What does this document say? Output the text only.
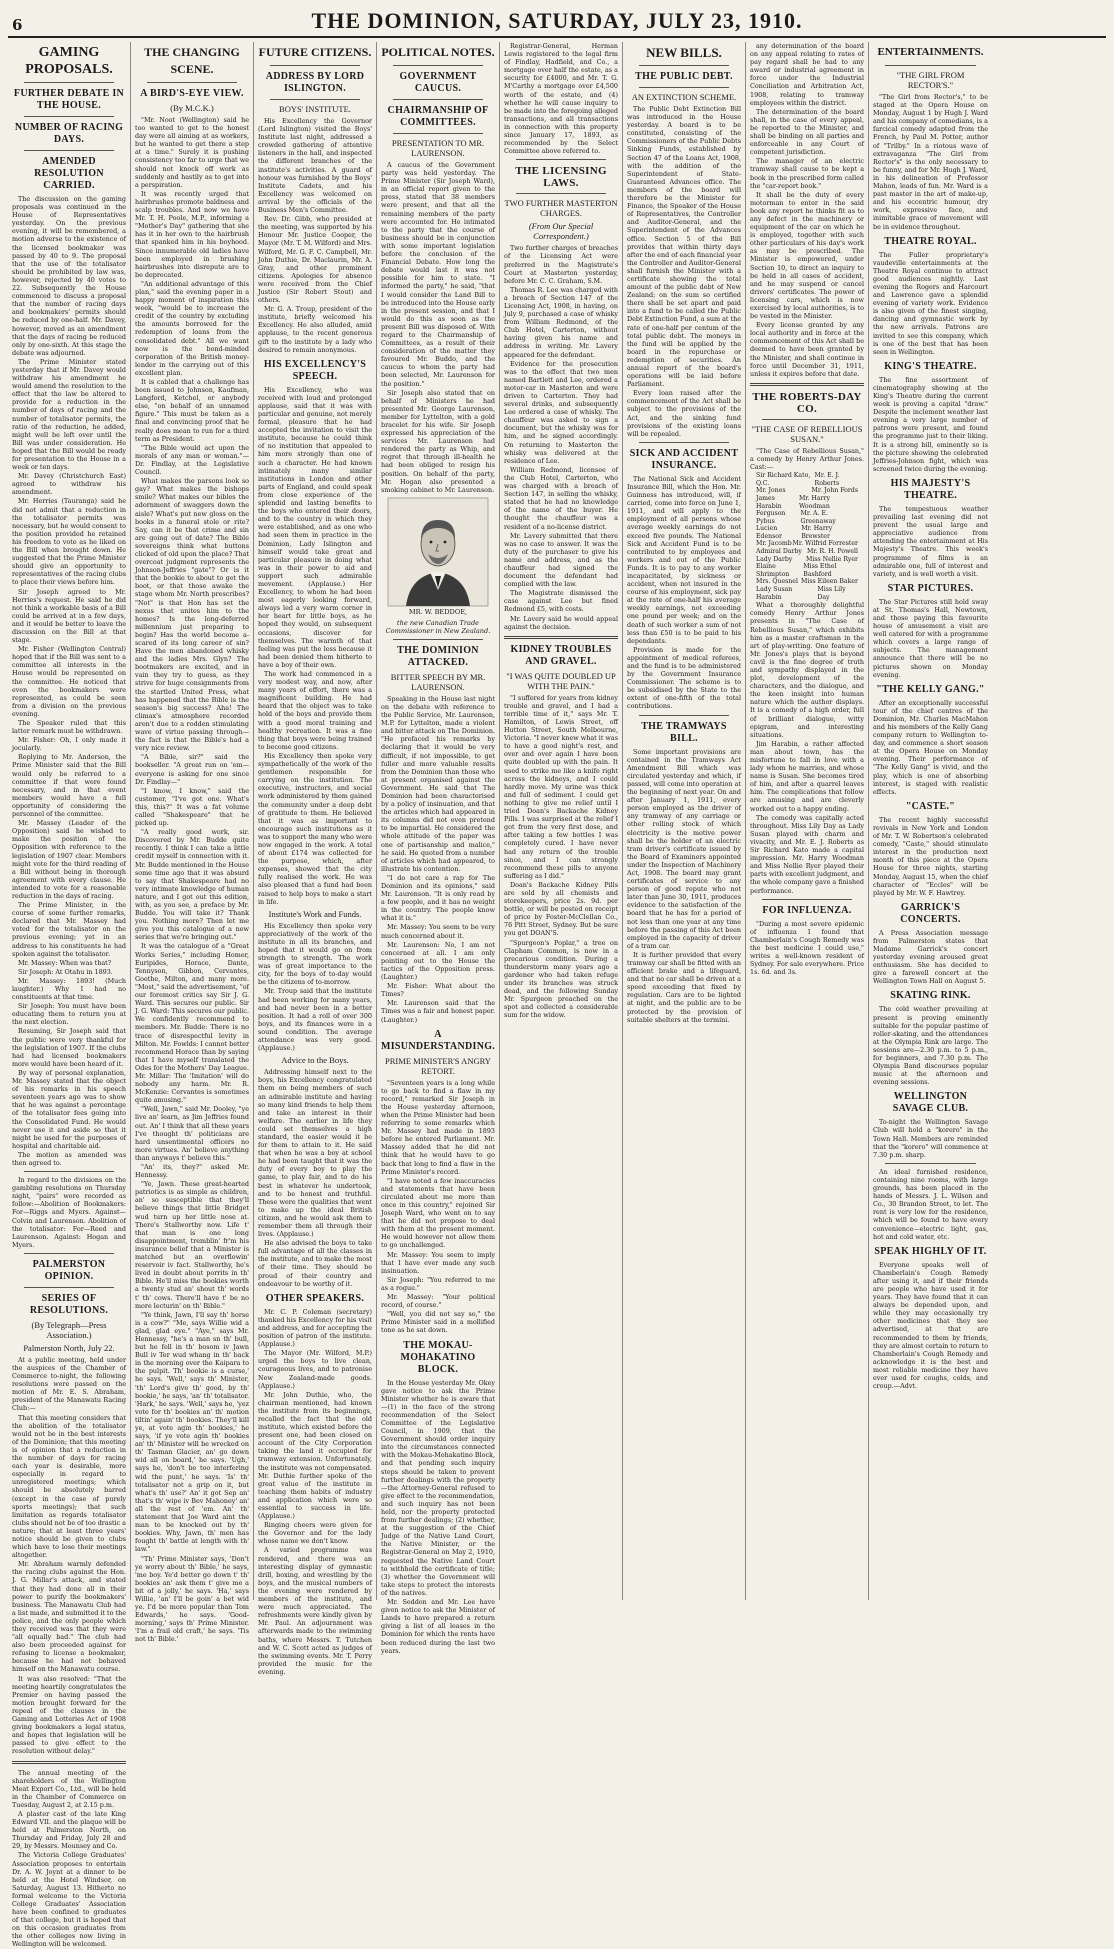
6	THE DOMINION, SATURDAY, JULY 23, 1910.
GAMING PROPOSALS.
FURTHER DEBATE IN THE HOUSE.
NUMBER OF RACING DAYS.
AMENDED RESOLUTION CARRIED.

The discussion on the gaming proposals was continued in the House of Representatives yesterday. On the previous evening, it will be remembered, a motion adverse to the existence of the licensed bookmaker was passed by 40 to 9. The proposal that the use of the totalisator should be prohibited by law was, however, rejected by 40 votes to 22. Subsequently the House commenced to discuss a proposal that the number of racing days and bookmakers' permits should be reduced by one-half. Mr. Davey, however, moved as an amendment that the days of racing be reduced only by one-sixth. At this stage the debate was adjourned.

The Prime Minister stated yesterday that if Mr. Davey would withdraw his amendment he would amend the resolution to the effect that the law be altered to provide for a reduction in the number of days of racing and the number of totalisator permits, the ratio of the reduction, he added, might well be left over until the Bill was under consideration. He hoped that the Bill would be ready for presentation to the House in a week or ten days.

Mr. Davey (Christchurch East) agreed to withdraw his amendment.

Mr. Herries (Tauranga) said he did not admit that a reduction in the totalisator permits was necessary, but he would consent to the position provided he retained his freedom to vote as he liked on the Bill when brought down. He suggested that the Prime Minister should give an opportunity to representatives of the racing clubs to place their views before him.

Sir Joseph agreed to Mr. Herries's request. He said he did not think a workable basis of a Bill could be arrived at in a few days, and it would be better to leave the discussion on the Bill at that stage.

Mr. Fisher (Wellington Central) hoped that if the Bill was sent to a committee all interests in the House would be represented on the committee. He noticed that even the bookmakers were represented, as could be seen from a division on the previous evening.

The Speaker ruled that this latter remark must be withdrawn.

Mr. Fisher: Oh, I only made it jocularly.

Replying to Mr. Anderson, the Prime Minister said that the Bill would only be referred to a committee if that were found necessary, and in that event members would have a full opportunity of considering the personnel of the committee.

Mr. Massey (Leader of the Opposition) said he wished to make the position of the Opposition with reference to the legislation of 1907 clear. Members might vote for the third reading of a Bill without being in thorough agreement with every clause. He intended to vote for a reasonable reduction in the days of racing.

The Prime Minister, in the course of some further remarks, declared that Mr. Massey had voted for the totalisator on the previous evening; yet in an address to his constituents he had spoken against the totalisator.

Mr. Massey: When was that?

Sir Joseph: At Otahu in 1893.

Mr. Massey: 1893! (Much laughter.) Why I had no constituents at that time.

Sir Joseph: You must have been educating them to return you at the next election.

Resuming, Sir Joseph said that the public were very thankful for the legislation of 1907. If the clubs had had licensed bookmakers more would have been heard of it.

By way of personal explanation, Mr. Massey stated that the object of his remarks in his speech seventeen years ago was to show that he was against a percentage of the totalisator fees going into the Consolidated Fund. He would never use it and aside so that it might be used for the purposes of hospital and charitable aid.

The motion as amended was then agreed to.

In regard to the divisions on the gambling resolutions on Thursday night, "pairs" were recorded as follow:—Abolition of Bookmakers: For—Riggs and Myers. Against—Colvin and Laurenson. Abolition of the totalisator: For—Reed and Laurenson. Against: Hogan and Myers.

PALMERSTON OPINION.
SERIES OF RESOLUTIONS.
(By Telegraph—Press Association.)
Palmerston North, July 22.

At a public meeting, held under the auspices of the Chamber of Commerce to-night, the following resolutions were passed on the motion of Mr. E. S. Abraham, president of the Manawatu Racing Club:—

That this meeting considers that the abolition of the totalisator would not be in the best interests of the Dominion; that this meeting is of opinion that a reduction in the number of days for racing each year is desirable, more especially in regard to unregistered meetings; which should be absolutely barred (except in the case of purely sports meetings); that such limitation as regards totalisator clubs should not be of too drastic a nature; that at least three years' notice should be given to clubs which have to lose their meetings altogether.

Mr. Abraham warmly defended the racing clubs against the Hon. J. G. Millar's attack, and stated that they had done all in their power to purify the bookmakers' business. The Manawatu Club had a list made, and submitted it to the police, and the only people which they received was that they were "all equally bad." The club had also been proceeded against for refusing to license a bookmaker, because he had not behaved himself on the Manawatu course.

It was also resolved: "That the meeting heartily congratulates the Premier on having passed the motion brought forward for the repeal of the clauses in the Gaming and Lotteries Act of 1908 giving bookmakers a legal status, and hopes that legislation will be passed to give effect to the resolution without delay."

The annual meeting of the shareholders of the Wellington Meat Export Co., Ltd., will be held in the Chamber of Commerce on Tuesday, August 2, at 2.15 p.m.

A plaster cast of the late King Edward VII. and the plaque will be held at Palmerston North, on Thursday and Friday, July 28 and 29, by Messrs. Mounsey and Co.

The Victoria College Graduates' Association proposes to entertain Dr. A. W. Joynt at a dinner to be held at the Hotel Windsor, on Saturday, August 13. Hitherto no formal welcome to the Victoria College Graduates' Association have been confined to graduates of that college, but it is hoped that on this occasion graduates from the other colleges now living in Wellington will be welcomed.

THE CHANGING SCENE.
A BIRD'S-EYE VIEW.
(By M.C.K.)

"Mr. Noot (Wellington) said he too wanted to get to the honest day were all aiming at as workers, but he wanted to get there a step at a time." Surely it is pushing consistency too far to urge that we should not knock off work as suddenly and hastily as to get into a perspiration.

It was recently urged that hairbrushes promote baldness and scalp troubles. And now we have Mr. T. H. Poole, M.P., informing a "Mother's Day" gathering that she has it in her own to the hairbrush that spanked him in his boyhood. Since innumerable old ladies have been employed in brushing hairbrushes into disrepute are to be deprecated.

"An additional advantage of this plan," said the evening paper in a happy moment of inspiration this week, "would be to increase the credit of the country by excluding the amounts borrowed for the redemption of loans from the consolidated debt." All we want now is the bond-minded corporation of the British money-lender in the carrying out of this excellent plan.

It is cabled that a challenge has been issued to Johnson, Kaufman, Langford, Ketchel, or anybody else, "on behalf of an unnamed figure." This must be taken as a final and convincing proof that he really does mean to run for a third term as President.

"The Bible would act upon the morals of any man or woman."—Dr. Findlay, at the Legislative Council.

What makes the parsons look so gay? What makes the bishops smile? What makes our bibles the adornment of swaggers down the aisle? What's put new gloss on the books in a funeral stole or rite? Say, can it be that crime and sin are going out of date? The Bible sovereigns think what buttons clicked of old upon the place? That overcoat judgment represents the Johnson-Jeffries "gate"? Or is it that the bookie to about to get the boot, or that those awake the stage whom Mr. North prescribes? "Not" is that Hon has set the nexus that unites him to the homes? Is the long-deferred millennium just preparing to begin? Has the world become a-scared of its long career of sin? Have the men abandoned whisky and the ladies Mrs. Glyn? The bootmakers are excited, and in vain they try to guess, as they strive for huge consignments from the startled United Press, what has happened that the Bible is the season's big success? Aha! The climax's atmosphere recorded aren't due to a rodden stimulating wave of virtue passing through—the fact is that the Bible's had a very nice review.

"A Bible, sir?" said the bookseller. "A great run on 'em—everyone is asking for one since Dr. Findlay—"

"I know, I know," said the customer, "I've got one. What's this, this?" It was a fat volume called "Shakespeare" that he picked up.

"A really good work, sir. Discovered by Mr. Budde quite recently. I think I can take a little credit myself in connection with it. Mr. Budde mentioned in the House some time ago that it was absurd to say that Shakespeare had no very intimate knowledge of human nature, and I got out this edition, with, as you see, a preface by Mr. Budde. You will take it? Thank you. Nothing more? Then let me give you this catalogue of a new series that we're bringing out."

It was the catalogue of a "Great Works Series," including Homer, Euripides, Horace, Dante, Tennyson, Gibbon, Cervantes, Goethe, Milton, and many more. "Most," said the advertisement, "of our foremost critics say Sir J. G. Ward. This secures our public. Sir J. G. Ward: This secures our public. We confidently recommend to members. Mr. Budde: There is no trace of disrespectful levity in Milton. Mr. Fowlds: I cannot better recommend Horace than by saying that I have myself translated the Odes for the Mothers' Day League. Mr. Millar: The 'Imitation' will do nobody any harm. Mr. R. McKenzie: Cervantes is sometimes quite amusing."

"Well, Jawn," said Mr. Dooley, "ye live an' learn, as Jim Jeffries found out. An' I think that all these years I've thought th' politicians are hard unsentimental officers no more virtues. An' believe anything than anyways t' believe this."

"An' its, they?" asked Mr. Hennessy.

"Ye, Jawn. These great-hearted patriotics is as simple as children, an' so susceptible that they'll believe things that little Bridget wud turn up her little nose at. There's Stallworthy now. Life t' that man is one long disappointment, tremblin' fr'm his insurance belief that a Minister is matched but an overflowin' reservoir iv fact. Stallworthy, he's lived in doubt about porrits in th' Bible. He'll miss the bookies worth a twenty stud an' shout th' words t' th' cows. There'll have t' be no more lecturin' on th' Bible."

"Ye think, Jawn, I'll say th' horse is a cow?" "Me, says Willie wid a glad, glad eye." "Aye," says Mr. Hennessy, "he's a man sn th' bull, but he fell in th' bosom iv Jawn Bull iv Ter wud whang in th' back in the morning over the Kaipara to the pulpit. Th' bookie is a curse,' he says. 'Well,' says th' Minister, 'th' Lord's give th' good, by th' bookie,' he says, 'an' th' totalisator. 'Hark,' he says. 'Well,' says he, 'yez vote for th' bookies an' th' motion tiltin' again' th' bookies. They'll kill ye, at vote agin th' bookies,' he says, 'if ye vote agin th' bookies an' th' Minister will be wrecked on th' Tasman Glacier, an' go down wid all on board,' he says. 'Ugh,' says he, 'don't be too interfering wid the punt,' he says. 'Is' th' totalisator not a grip on it, but what's th' use?' An' it got Sep an' that's th' wipe iv Bev Mahoney' an' all the rest of 'em. An' th' statement that Joe Ward aint the man to be knocked out by th' bookies. Why, Jawn, th' men has fought th' battle at length with th' law."

"Th' Prime Minister says, 'Don't ye worry about th' Bible,' he says, 'me boy. Ye'd better go down t' th' bookies an' ask them t' give me a bit of a jolly,' he says. 'Ha,' says Willie, 'an' I'll be goin' a bet wid ye. I'd be more popular than Tom Edwards,' he says. 'Good-morning,' says th' Prime Minister. 'I'm a frail old craft,' he says. 'Tis not th' Bible.'

FUTURE CITIZENS.
ADDRESS BY LORD ISLINGTON.
BOYS' INSTITUTE.

His Excellency the Governor (Lord Islington) visited the Boys' Institute last night, addressed a crowded gathering of attentive listeners in the hall, and inspected the different branches of the institute's activities. A guard of honour was furnished by the Boys' Institute Cadets, and his Excellency was welcomed on arrival by the officials of the Business Men's Committee.

Rev. Dr. Gibb, who presided at the meeting, was supported by his Honour Mr. Justice Cooper, the Mayor (Mr. T. M. Wilford) and Mrs. Wilford, Mr. G. F. C. Campbell, Mr. John Duthie, Dr. Maclaurin, Mr. A. Gray, and other prominent citizens. Apologies for absence were received from the Chief Justice (Sir Robert Stout) and others.

Mr. G. A. Troup, president of the institute, briefly welcomed his Excellency. He also alluded, amid applause, to the recent generous gift to the institute by a lady who desired to remain anonymous.

HIS EXCELLENCY'S SPEECH.

His Excellency, who was received with loud and prolonged applause, said that it was with particular and genuine, not merely formal, pleasure that he had accepted the invitation to visit the institute, because he could think of no institution that appealed to him more strongly than one of such a character. He had known intimately many similar institutions in London and other parts of England, and could speak from close experience of the splendid and lasting benefits to the boys who entered their doors, and to the country in which they were established, and as one who had seen them in practice in the Dominion, Lady Islington and himself would take great and particular pleasure in doing what was in their power to aid and support such admirable movement. (Applause.) Her Excellency, to whom he had been most eagerly looking forward, always led a very warm corner in her heart for little boys, as he hoped they would, on subsequent occasions, discover for themselves. The warmth of that feeling was put the less because it had been denied them hitherto to have a boy of their own.

The work had commenced in a very modest way, and now, after many years of effort, there was a magnificent building. He had heard that the object was to take hold of the boys and provide them with a good moral training and healthy recreation. It was a fine thing that boys were being trained to become good citizens.

His Excellency then spoke very sympathetically of the work of the gentlemen responsible for carrying on the institution. The executive, instructors, and social work administered by them gained the community under a deep debt of gratitude to them. He believed that it was as important to encourage such institutions as it was to support the many who were now engaged in the work. A total of about £174 was collected for the purpose, which, after expenses, showed that the city fully realised the work. He was also pleased that a fund had been raised to help boys to make a start in life.

Institute's Work and Funds.

His Excellency then spoke very appreciatively of the work of the institute in all its branches, and hoped that it would go on from strength to strength. The work was of great importance to the city, for the boys of to-day would be the citizens of to-morrow.

Mr. Troup said that the institute had been working for many years, and had never been in a better position. It had a roll of over 300 boys, and its finances were in a sound condition. The average attendance was very good. (Applause.)

Advice to the Boys.

Addressing himself next to the boys, his Excellency congratulated them on being members of such an admirable institute and having so many kind friends to help them and take an interest in their welfare. The earlier in life they could set themselves a high standard, the easier would it be for them to attain to it. He said that when he was a boy at school he had been taught that it was the duty of every boy to play the game, to play fair, and to do his best in whatever he undertook, and to be honest and truthful. These were the qualities that went to make up the ideal British citizen, and he would ask them to remember them all through their lives. (Applause.)

He also advised the boys to take full advantage of all the classes in the institute, and to make the most of their time. They should be proud of their country and endeavour to be worthy of it.

OTHER SPEAKERS.

Mr. C. P. Coleman (secretary) thanked his Excellency for his visit and address, and for accepting the position of patron of the institute. (Applause.)

The Mayor (Mr. Wilford, M.P.) urged the boys to live clean, courageous lives, and to patronise New Zealand-made goods. (Applause.)

Mr. John Duthie, who, the chairman mentioned, had known the institute from its beginnings, recalled the fact that the old institute, which existed before the present one, had been closed on account of the City Corporation taking the land it occupied for tramway extension. Unfortunately, the institute was not compensated. Mr. Duthie further spoke of the great value of the institute in teaching them habits of industry and application which were so essential to success in life. (Applause.)

Ringing cheers were given for the Governor and for the lady whose name we don't know.

A varied programme was rendered, and there was an interesting display of gymnastic drill, boxing, and wrestling by the boys, and the musical numbers of the evening were rendered by members of the institute, and were much appreciated. The refreshments were kindly given by Mr. Paul. An adjournment was afterwards made to the swimming baths, where Messrs. T. Tutchen and W. C. Scott acted as judges of the swimming events. Mr. T. Perry provided the music for the evening.

POLITICAL NOTES.
GOVERNMENT CAUCUS.
CHAIRMANSHIP OF COMMITTEES.
PRESENTATION TO MR. LAURENSON.

A caucus of the Government party was held yesterday. The Prime Minister (Sir Joseph Ward), in an official report given to the press, stated that 38 members were present, and that all the remaining members of the party were accounted for. He intimated to the party that the course of business should be in conjunction with some important legislation before the conclusion of the Financial Debate. How long the debate would last it was not possible for him to state. "I informed the party," he said, "that I would consider the Land Bill to be introduced into the House early in the present session, and that I would do this as soon as the present Bill was disposed of. With regard to the Chairmanship of Committees, as a result of their consideration of the matter they favoured Mr. Buddo, and the caucus to whom the party had been selected, Mr. Laurenson for the position."

Sir Joseph also stated that on behalf of Ministers he had presented Mr. George Laurenson, member for Lyttelton, with a gold bracelet for his wife. Sir Joseph expressed his appreciation of the services Mr. Laurenson had rendered the party as Whip, and regret that through ill-health he had been obliged to resign his position. On behalf of the party, Mr. Hogan also presented a smoking cabinet to Mr. Laurenson.

MR. W. BEDDOE,
the new Canadian Trade Commissioner in New Zealand.
THE DOMINION ATTACKED.
BITTER SPEECH BY MR. LAURENSON.

Speaking in the House last night on the debate with reference to the Public Service, Mr. Laurenson, M.P. for Lyttelton, made a violent and bitter attack on The Dominion. "He prefaced his remarks by declaring that it would be very difficult, if not impossible, to get fuller and more valuable results from the Dominion than those who at present organised against the Government. He said that The Dominion had been characterised by a policy of insinuation, and that the articles which had appeared in its columns did not even pretend to be impartial. He considered the whole attitude of the paper was one of partisanship and malice," he said. He quoted from a number of articles which had appeared, to illustrate his contention.

"I do not care a rap for The Dominion and its opinions," said Mr. Laurenson. "It is only read by a few people, and it has no weight in the country. The people know what it is."

Mr. Massey: You seem to be very much concerned about it.

Mr. Laurenson: No, I am not concerned at all. I am only pointing out to the House the tactics of the Opposition press. (Laughter.)

Mr. Fisher: What about the Times?

Mr. Laurenson said that the Times was a fair and honest paper. (Laughter.)

A MISUNDERSTANDING.
PRIME MINISTER'S ANGRY RETORT.

"Seventeen years is a long while to go back to find a flaw in my record," remarked Sir Joseph in the House yesterday afternoon, when the Prime Minister had been referring to some remarks which Mr. Massey had made in 1893 before he entered Parliament. Mr. Massey added that he did not think that he would have to go back that long to find a flaw in the Prime Minister's record.

"I have noted a few inaccuracies and statements that have been circulated about me more than once in this country," rejoined Sir Joseph Ward, who went on to say that he did not propose to deal with them at the present moment. He would however not allow them to go unchallenged.

Mr. Massey: You seem to imply that I have ever made any such insinuation.

Sir Joseph: "You referred to me as a rogue."

Mr. Massey: "Your political record, of course."

"Well, you did not say so," the Prime Minister said in a mollified tone as he sat down.

THE MOKAU-MOHAKATINO BLOCK.

In the House yesterday Mr. Okey gave notice to ask the Prime Minister whether he is aware that—(1) in the face of the strong recommendation of the Select Committee of the Legislative Council, in 1909, that the Government should order inquiry into the circumstances connected with the Mokau-Mohakatino Block, and that pending such inquiry steps should be taken to prevent further dealings with the property—the Attorney-General refused to give effect to the recommendation, and such inquiry has not been held, nor the property protected from further dealings; (2) whether, at the suggestion of the Chief Judge of the Native Land Court, the Native Minister, or the Registrar-General on May 2, 1910, requested the Native Land Court to withhold the certificate of title; (3) whether the Government will take steps to protect the interests of the natives.

Mr. Seddon and Mr. Lee have given notice to ask the Minister of Lands to have prepared a return giving a list of all leases in the Dominion for which the rents have been reduced during the last two years.

Registrar-General, Herman Lewis registered to the legal firm of Findlay, Hadfield, and Co., a mortgage over half the estate, as a security for £4000, and Mr. T. G. M'Carthy a mortgage over £4,500 worth of the estate, and (4) whether he will cause inquiry to be made into the foregoing alleged transactions, and all transactions in connection with this property since January 17, 1893, as recommended by the Select Committee above referred to.

THE LICENSING LAWS.
TWO FURTHER MASTERTON CHARGES.
(From Our Special Correspondent.)

Two further charges of breaches of the Licensing Act were preferred in the Magistrate's Court at Masterton yesterday, before Mr. C. C. Graham, S.M.

Thomas R. Lee was charged with a breach of Section 147 of the Licensing Act, 1908, in having, on July 9, purchased a case of whisky from William Redmond, of the Club Hotel, Carterton, without having given his name and address in writing. Mr. Lavery appeared for the defendant.

Evidence for the prosecution was to the effect that two men named Bartlett and Lee, ordered a motor-car in Masterton and were driven to Carterton. They had several drinks, and subsequently Lee ordered a case of whisky. The chauffeur was asked to sign a document, but the whisky was for him, and he signed accordingly. On returning to Masterton the whisky was delivered at the residence of Lee.

William Redmond, licensee of the Club Hotel, Carterton, who was charged with a breach of Section 147, in selling the whisky, stated that he had no knowledge of the name of the buyer. He thought the chauffeur was a resident of a no-license district.

Mr. Lavery submitted that there was no case to answer. It was the duty of the purchaser to give his name and address, and as the chauffeur had signed the document the defendant had complied with the law.

The Magistrate dismissed the case against Lee but fined Redmond £5, with costs.

Mr. Lavery said he would appeal against the decision.

KIDNEY TROUBLES AND GRAVEL.
"I WAS QUITE DOUBLED UP WITH THE PAIN."

"I suffered for years from kidney trouble and gravel, and I had a terrible time of it," says Mr. T. Hamilton, of Lewis Street, off Hutton Street, South Melbourne, Victoria. "I never knew what it was to have a good night's rest, and over and over again I have been quite doubled up with the pain. It used to strike me like a knife right across the kidneys, and I could hardly move. My urine was thick and full of sediment. I could get nothing to give me relief until I tried Doan's Backache Kidney Pills. I was surprised at the relief I got from the very first dose, and after taking a few bottles I was completely cured. I have never had any return of the trouble since, and I can strongly recommend these pills to anyone suffering as I did."

Doan's Backache Kidney Pills are sold by all chemists and storekeepers, price 2s. 9d. per bottle, or will be posted on receipt of price by Foster-McClellan Co., 76 Pitt Street, Sydney. But be sure you get DOAN'S.

"Spurgeon's Poplar," a tree on Clapham Common, is now in a precarious condition. During a thunderstorm many years ago a gardener who had taken refuge under its branches was struck dead, and the following Sunday Mr. Spurgeon preached on the spot and collected a considerable sum for the widow.

NEW BILLS.
THE PUBLIC DEBT.
AN EXTINCTION SCHEME.

The Public Debt Extinction Bill was introduced in the House yesterday. A board is to be constituted, consisting of the Commissioners of the Public Debts Sinking Funds, established by Section 47 of the Loans Act, 1908, with the addition of the Superintendent of State-Guaranteed Advances office. The members of the board will therefore be the Minister for Finance, the Speaker of the House of Representatives, the Controller and Auditor-General, and the Superintendent of the Advances office. Section 5 of the Bill provides that within thirty days after the end of each financial year the Controller and Auditor-General shall furnish the Minister with a certificate showing the total amount of the public debt of New Zealand; on the sum so certified there shall be set apart and paid into a fund to be called the Public Debt Extinction Fund, a sum at the rate of one-half per centum of the total public debt. The moneys in the fund will be applied by the board in the repurchase or redemption of securities. An annual report of the board's operations will be laid before Parliament.

Every loan raised after the commencement of the Act shall be subject to the provisions of the Act, and the sinking fund provisions of the existing loans will be repealed.

SICK AND ACCIDENT INSURANCE.

The National Sick and Accident Insurance Bill, which the Hon. Mr. Guinness has introduced, will, if carried, come into force on June 1, 1911, and will apply to the employment of all persons whose average weekly earnings do not exceed five pounds. The National Sick and Accident Fund is to be contributed to by employees and workers and out of the Public Funds. It is to pay to any worker incapacitated, by sickness or accident, when not insured in the course of his employment, sick pay at the rate of one-half his average weekly earnings, not exceeding one pound per week; and on the death of such worker a sum of not less than £50 is to be paid to his dependants.

Provision is made for the appointment of medical referees, and the fund is to be administered by the Government Insurance Commissioner. The scheme is to be subsidised by the State to the extent of one-fifth of the total contributions.

THE TRAMWAYS BILL.

Some important provisions are contained in the Tramways Act Amendment Bill which was circulated yesterday and which, if passed, will come into operation at the beginning of next year. On and after January 1, 1911, every person employed as the driver of any tramway of any carriage or other rolling stock of which electricity is the motive power shall be the holder of an electric tram driver's certificate issued by the Board of Examiners appointed under the Inspection of Machinery Act, 1908. The board may grant certificates of service to any person of good repute who not later than June 30, 1911, produces evidence to the satisfaction of the board that he has for a period of not less than one year at any time before the passing of this Act been employed in the capacity of driver of a tram car.

It is further provided that every tramway car shall be fitted with an efficient brake and a lifeguard, and that no car shall be driven at a speed exceeding that fixed by regulation. Cars are to be lighted at night, and the public are to be protected by the provision of suitable shelters at the termini.

any determination of the board on any appeal relating to rates of pay regard shall be had to any award or industrial agreement in force under the Industrial Conciliation and Arbitration Act, 1908, relating to tramway employees within the district.

The determination of the board shall, in the case of every appeal, be reported to the Minister, and shall be binding on all parties and enforceable in any Court of competent jurisdiction.

The manager of an electric tramway shall cause to be kept a book in the prescribed form called the "car-report book."

It shall be the duty of every motorman to enter in the said book any report he thinks fit as to any defect in the machinery or equipment of the car on which he is employed, together with such other particulars of his day's work as may be prescribed. The Minister is empowered, under Section 10, to direct an inquiry to be held in all cases of accident, and he may suspend or cancel drivers' certificates. The power of licensing cars, which is now exercised by local authorities, is to be vested in the Minister.

Every license granted by any local authority and in force at the commencement of this Act shall be deemed to have been granted by the Minister, and shall continue in force until December 31, 1911, unless it expires before that date.

THE ROBERTS-DAY CO.
"THE CASE OF REBELLIOUS SUSAN."

"The Case of Rebellious Susan," a comedy by Henry Arthur Jones. Cast:—

Sir Richard Kato, Q.C.
Mr. E. J. Roberts
Mr. Jones	Mr. John Fords
James Harabin
Mr. Harry Woodman
Ferguson Pybus
Mr. A. E. Greenaway
Lucien Edensor
Mr. Harry Brewster
Mr. Jacomb Mr. Wilfrid Forrester
Admiral Darby Mr. R. H. Powell
Lady Darby Miss Nellie Ryer
Elaine Shrimpton
Miss Ethel Bashford
Mrs. Quesnel Miss Eileen Baker
Lady Susan Harabin
Miss Lily Day

What a thoroughly delightful comedy Henry Arthur Jones presents in "The Case of Rebellious Susan," which exhibits him as a master craftsman in the art of play-writing. One feature of Mr. Jones's plays that is beyond cavil is the fine degree of truth and sympathy displayed in the plot, development of the characters, and the dialogue, and the keen insight into human nature which the author displays. It is a comedy of a high order, full of brilliant dialogue, witty epigram, and interesting situations.

Jim Harabin, a rather affected man about town, has the misfortune to fall in love with a lady whom he marries, and whose name is Susan. She becomes tired of him, and after a quarrel leaves him. The complications that follow are amusing and are cleverly worked out to a happy ending.

The comedy was capitally acted throughout. Miss Lily Day as Lady Susan played with charm and vivacity, and Mr. E. J. Roberts as Sir Richard Kato made a capital impression. Mr. Harry Woodman and Miss Nellie Ryer played their parts with excellent judgment, and the whole company gave a finished performance.

FOR INFLUENZA.

"During a most severe epidemic of influenza I found that Chamberlain's Cough Remedy was the best medicine I could use," writes a well-known resident of Sydney. For sale everywhere. Price 1s. 6d. and 3s.

ENTERTAINMENTS.
"THE GIRL FROM RECTOR'S."

"The Girl from Rector's," to be staged at the Opera House on Monday, August 1 by Hugh J. Ward and his company of comedians, is a farcical comedy adapted from the French, by Paul M. Potter, author of "Trilby." In a riotous wave of extravaganza "The Girl from Rector's" is the only necessary to be funny, and for Mr. Hugh J. Ward, in his delineation of Professor Mahon, leads of fun. Mr. Ward is a past master in the art of make-up, and his eccentric humour, dry work, expressive face, and inimitable grace of movement will be in evidence throughout.

THEATRE ROYAL.

The Fuller proprietary's vaudeville entertainments at the Theatre Royal continue to attract good audiences nightly. Last evening the Rogers and Harcourt and Lawrence gave a splendid evening of variety work. Evidence is also given of the finest singing, dancing and gymnastic work by the new arrivals. Patrons are invited to see this company, which is one of the best that has been seen in Wellington.

KING'S THEATRE.

The fine assortment of cinematography showing at the King's Theatre during the current week is proving a capital "draw." Despite the inclement weather last evening a very large number of patrons were present, and found the programme just to their liking. It is a strong bill, eminently so is the picture showing the celebrated Jeffries-Johnson fight, which was screened twice during the evening.

HIS MAJESTY'S THEATRE.

The tempestuous weather prevailing last evening did not prevent the usual large and appreciative audience from attending the entertainment at His Majesty's Theatre. This week's programme of films is an admirable one, full of interest and variety, and is well worth a visit.

STAR PICTURES.

The Star Pictures still hold sway at St. Thomas's Hall, Newtown, and those paying this favourite house of amusement a visit are well catered for with a programme which covers a large range of subjects. The management announce that there will be no pictures shown on Monday evening.

"THE KELLY GANG."

After an exceptionally successful tour of the chief centres of the Dominion, Mr. Charles MacMahon and his members of the Kelly Gang company return to Wellington to-day, and commence a short season at the Opera House on Monday evening. Their performance of "The Kelly Gang" is vivid, and the play, which is one of absorbing interest, is staged with realistic effects.

"CASTE."

The recent highly successful revivals in New York and London of Mr. T. W. Robertson's celebrated comedy, "Caste," should stimulate interest in the production next month of this piece at the Opera House for three nights, starting Monday, August 15, when the chief character of "Eccles" will be played by Mr. W. F. Hawtrey.

GARRICK'S CONCERTS.

A Press Association message from Palmerston states that Madame Garrick's concert yesterday evening aroused great enthusiasm. She has decided to give a farewell concert at the Wellington Town Hall on August 5.

SKATING RINK.

The cold weather prevailing at present is proving eminently suitable for the popular pastime of roller-skating, and the attendances at the Olympia Rink are large. The sessions are—2.30 p.m. to 5 p.m., for beginners, and 7.30 p.m. The Olympia Band discourses popular music at the afternoon and evening sessions.

WELLINGTON SAVAGE CLUB.

To-night the Wellington Savage Club will hold a "korero" in the Town Hall. Members are reminded that the "korero" will commence at 7.30 p.m. sharp.

An ideal furnished residence, containing nine rooms, with large grounds, has been placed in the hands of Messrs. J. L. Wilson and Co., 30 Brandon Street, to let. The rent is very low for the residence, which will be found to have every convenience—electric light, gas, hot and cold water, etc.

SPEAK HIGHLY OF IT.

Everyone speaks well of Chamberlain's Cough Remedy after using it, and if their friends are people who have used it for years. They have found that it can always be depended upon, and while they may occasionally try other medicines that they see advertised, at that are recommended to them by friends, they are almost certain to return to Chamberlain's Cough Remedy and acknowledge it is the best and most reliable medicine they have ever used for coughs, colds, and croup.—Advt.
